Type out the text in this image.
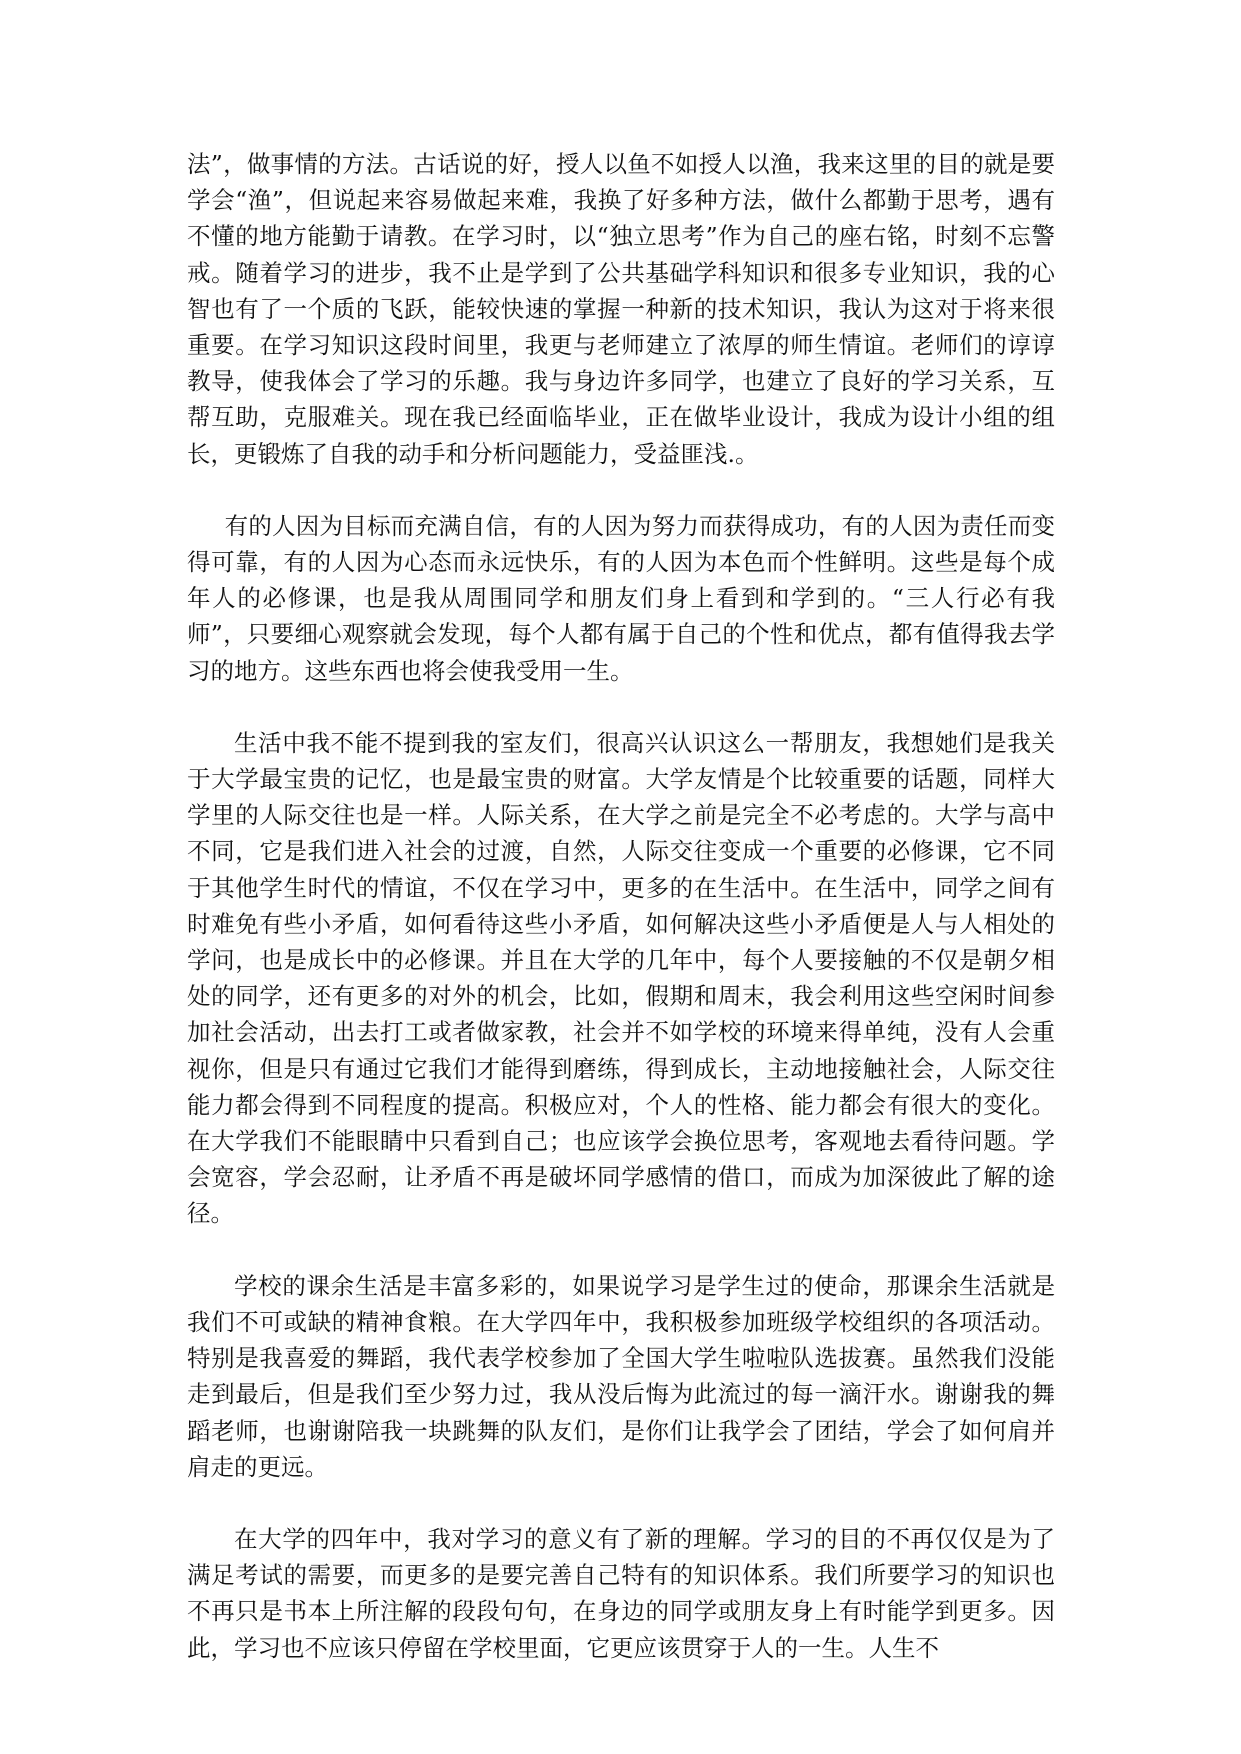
法”，做事情的方法。古话说的好，授人以鱼不如授人以渔，我来这里的目的就是要学会“渔”，但说起来容易做起来难，我换了好多种方法，做什么都勤于思考，遇有不懂的地方能勤于请教。在学习时，以“独立思考”作为自己的座右铭，时刻不忘警戒。随着学习的进步，我不止是学到了公共基础学科知识和很多专业知识，我的心智也有了一个质的飞跃，能较快速的掌握一种新的技术知识，我认为这对于将来很重要。在学习知识这段时间里，我更与老师建立了浓厚的师生情谊。老师们的谆谆教导，使我体会了学习的乐趣。我与身边许多同学，也建立了良好的学习关系，互帮互助，克服难关。现在我已经面临毕业，正在做毕业设计，我成为设计小组的组长，更锻炼了自我的动手和分析问题能力，受益匪浅.。

有的人因为目标而充满自信，有的人因为努力而获得成功，有的人因为责任而变得可靠，有的人因为心态而永远快乐，有的人因为本色而个性鲜明。这些是每个成年人的必修课，也是我从周围同学和朋友们身上看到和学到的。“三人行必有我师”，只要细心观察就会发现，每个人都有属于自己的个性和优点，都有值得我去学习的地方。这些东西也将会使我受用一生。

生活中我不能不提到我的室友们，很高兴认识这么一帮朋友，我想她们是我关于大学最宝贵的记忆，也是最宝贵的财富。大学友情是个比较重要的话题，同样大学里的人际交往也是一样。人际关系，在大学之前是完全不必考虑的。大学与高中不同，它是我们进入社会的过渡，自然，人际交往变成一个重要的必修课，它不同于其他学生时代的情谊，不仅在学习中，更多的在生活中。在生活中，同学之间有时难免有些小矛盾，如何看待这些小矛盾，如何解决这些小矛盾便是人与人相处的学问，也是成长中的必修课。并且在大学的几年中，每个人要接触的不仅是朝夕相处的同学，还有更多的对外的机会，比如，假期和周末，我会利用这些空闲时间参加社会活动，出去打工或者做家教，社会并不如学校的环境来得单纯，没有人会重视你，但是只有通过它我们才能得到磨练，得到成长，主动地接触社会，人际交往能力都会得到不同程度的提高。积极应对，个人的性格、能力都会有很大的变化。在大学我们不能眼睛中只看到自己；也应该学会换位思考，客观地去看待问题。学会宽容，学会忍耐，让矛盾不再是破坏同学感情的借口，而成为加深彼此了解的途径。

学校的课余生活是丰富多彩的，如果说学习是学生过的使命，那课余生活就是我们不可或缺的精神食粮。在大学四年中，我积极参加班级学校组织的各项活动。特别是我喜爱的舞蹈，我代表学校参加了全国大学生啦啦队选拔赛。虽然我们没能走到最后，但是我们至少努力过，我从没后悔为此流过的每一滴汗水。谢谢我的舞蹈老师，也谢谢陪我一块跳舞的队友们，是你们让我学会了团结，学会了如何肩并肩走的更远。

在大学的四年中，我对学习的意义有了新的理解。学习的目的不再仅仅是为了满足考试的需要，而更多的是要完善自己特有的知识体系。我们所要学习的知识也不再只是书本上所注解的段段句句，在身边的同学或朋友身上有时能学到更多。因此，学习也不应该只停留在学校里面，它更应该贯穿于人的一生。人生不
